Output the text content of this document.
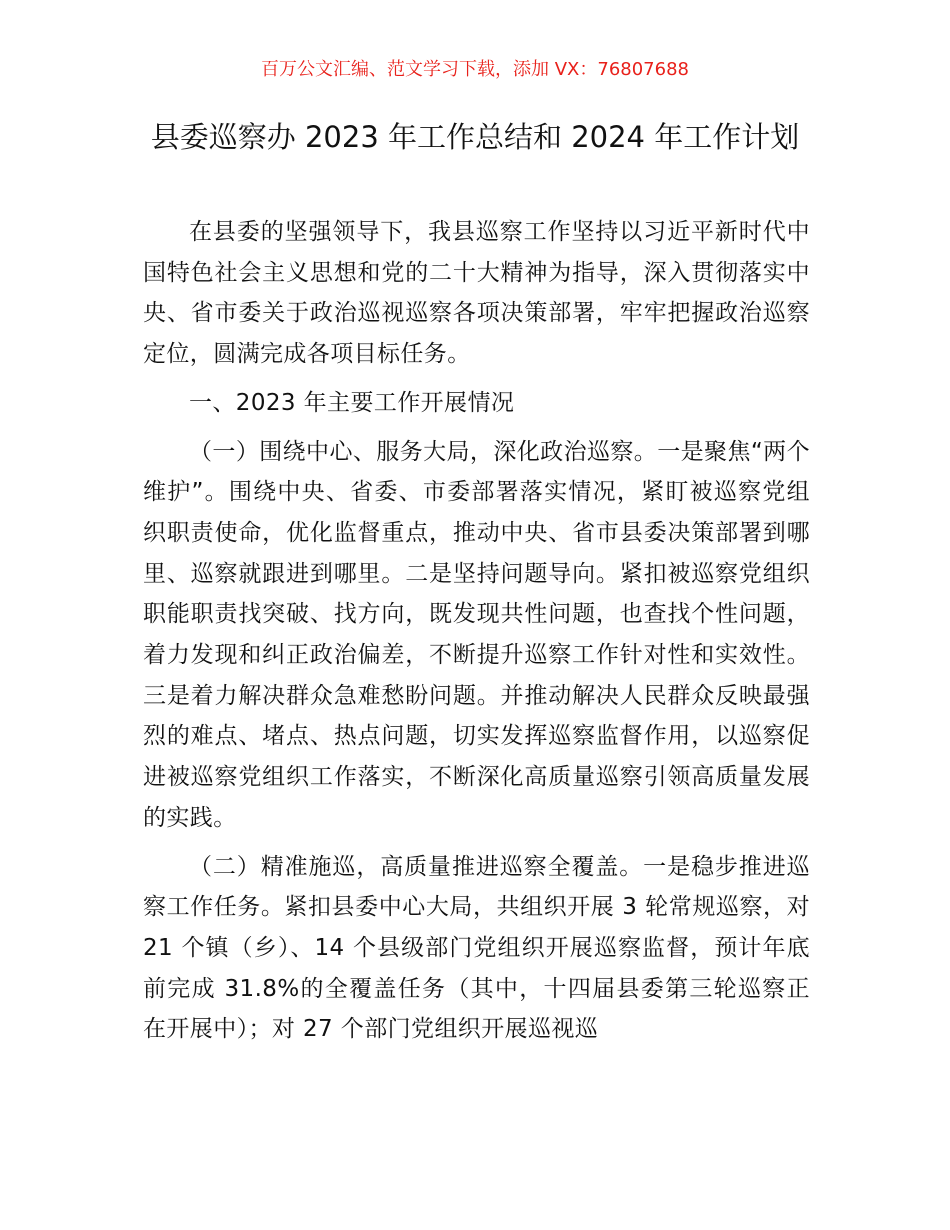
百万公文汇编、范文学习下载，添加 VX：76807688
县委巡察办 2023 年工作总结和 2024 年工作计划

在县委的坚强领导下，我县巡察工作坚持以习近平新时代中国特色社会主义思想和党的二十大精神为指导，深入贯彻落实中央、省市委关于政治巡视巡察各项决策部署，牢牢把握政治巡察定位，圆满完成各项目标任务。

一、2023 年主要工作开展情况

（一）围绕中心、服务大局，深化政治巡察。一是聚焦“两个维护”。围绕中央、省委、市委部署落实情况，紧盯被巡察党组织职责使命，优化监督重点，推动中央、省市县委决策部署到哪里、巡察就跟进到哪里。二是坚持问题导向。紧扣被巡察党组织职能职责找突破、找方向，既发现共性问题，也查找个性问题，着力发现和纠正政治偏差，不断提升巡察工作针对性和实效性。三是着力解决群众急难愁盼问题。并推动解决人民群众反映最强烈的难点、堵点、热点问题，切实发挥巡察监督作用，以巡察促进被巡察党组织工作落实，不断深化高质量巡察引领高质量发展的实践。

（二）精准施巡，高质量推进巡察全覆盖。一是稳步推进巡察工作任务。紧扣县委中心大局，共组织开展 3 轮常规巡察，对 21 个镇（乡）、14 个县级部门党组织开展巡察监督，预计年底前完成 31.8%的全覆盖任务（其中，十四届县委第三轮巡察正在开展中）；对 27 个部门党组织开展巡视巡
